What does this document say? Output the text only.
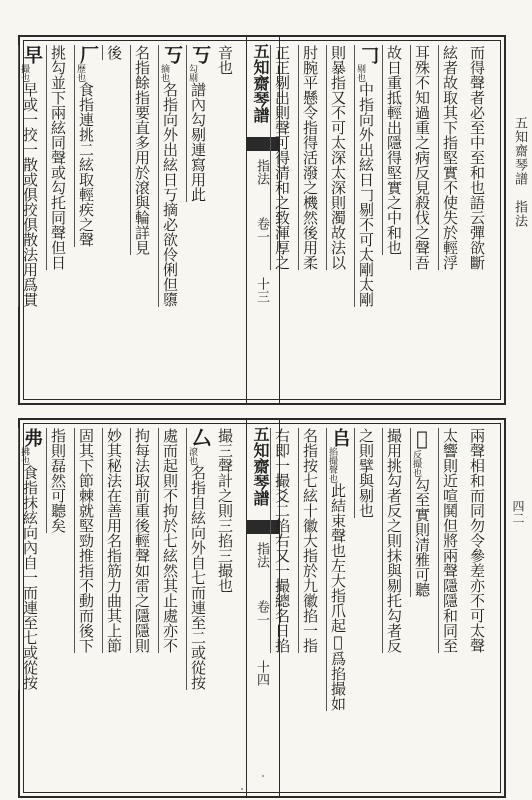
五知齋琴譜　指法
四二
五知齋琴譜
指法
卷一
〸三
而得聲者必至中至和也語云彈欲斷
絃者故取其下指堅實不使失於輕浮
耳殊不知過重之病反見殺伐之聲吾
故日重抵輕出隱得堅實之中和也
𠃌
剔也
中指向外出絃日𠃌剔不可太剛太剛
則暴指又不可太深太深則濁故法以
肘腕平懸令指得活潑之機然後用柔
正正剔出則聲可得清和之致渾厚之
音也
丂
勾剔
譜內勾剔連寫用此
丂
摘也
名指向外出絃日丂摘必欲伶俐但隳
名指餘指要直多用於滾與輪詳見
後
厂
歷也
食指連挑二絃取輕疾之聲
挑勾並下兩絃同聲或勾托同聲但日
早
撮也
早或一挍一散或俱挍俱散法用爲貫
五知齋琴譜
指法
卷一
〸四
兩聲相和而同勿令參差亦不可太聲
太響則近喧鬨但將兩聲隱隱和同至
𢀳
反撮也
勾至實則清雅可聽
撮用挑勾者反之則抹與剔托勾者反
之則擘與剔也
𠂤
掐撮聲也
此結束聲也左大指爪起𢀳爲掐撮如
名指按七絃十徽大指於九徽掐一指
右即一撮爻二掐右又一撮總名日掐
撮三聲計之則三掐三撮也
厶
滾也
名指自絃向外自七而連至二或從按
處而起則不拘於七絃然其止處亦不
拘每法取前重後輕聲如雷之隱隱則
妙其秘法在善用名指筋力曲其上節
固其下節棘就堅勁推指不動而後下
指則磊然可聽矣
弗
拂也
食指抹絃向內自一而連至七或從按
